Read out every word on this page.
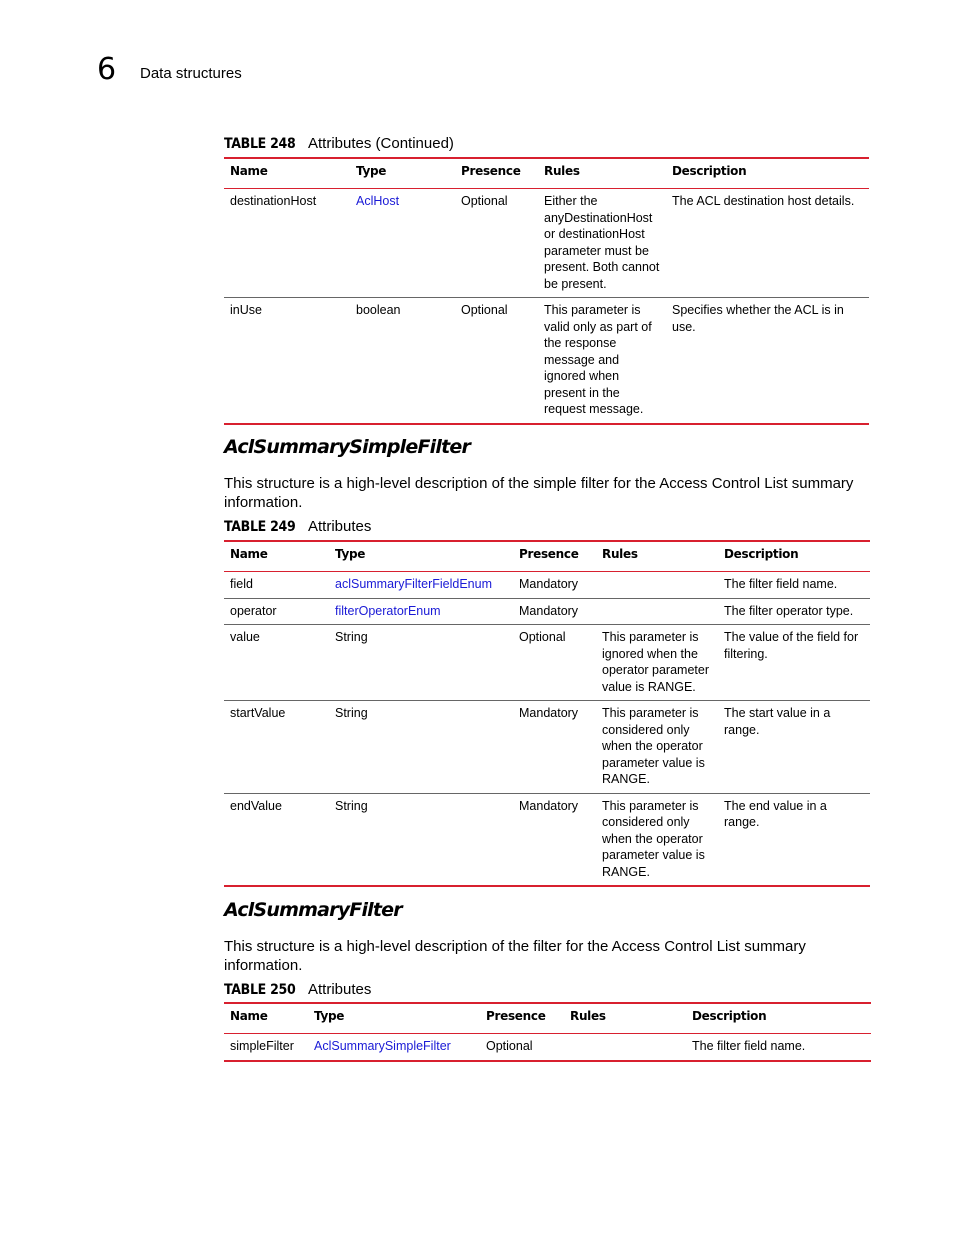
6 Data structures
TABLE 248 Attributes (Continued)
Name	Type	Presence	Rules	Description
destinationHost	AclHost	Optional	Either the anyDestinationHost or destinationHost parameter must be present. Both cannot be present.	The ACL destination host details.
inUse	boolean	Optional	This parameter is valid only as part of the response message and ignored when present in the request message.	Specifies whether the ACL is in use.
AclSummarySimpleFilter
This structure is a high-level description of the simple filter for the Access Control List summary information.
TABLE 249 Attributes
Name	Type	Presence	Rules	Description
field	aclSummaryFilterFieldEnum	Mandatory		The filter field name.
operator	filterOperatorEnum	Mandatory		The filter operator type.
value	String	Optional	This parameter is ignored when the operator parameter value is RANGE.	The value of the field for filtering.
startValue	String	Mandatory	This parameter is considered only when the operator parameter value is RANGE.	The start value in a range.
endValue	String	Mandatory	This parameter is considered only when the operator parameter value is RANGE.	The end value in a range.
AclSummaryFilter
This structure is a high-level description of the filter for the Access Control List summary information.
TABLE 250 Attributes
Name	Type	Presence	Rules	Description
simpleFilter	AclSummarySimpleFilter	Optional		The filter field name.
